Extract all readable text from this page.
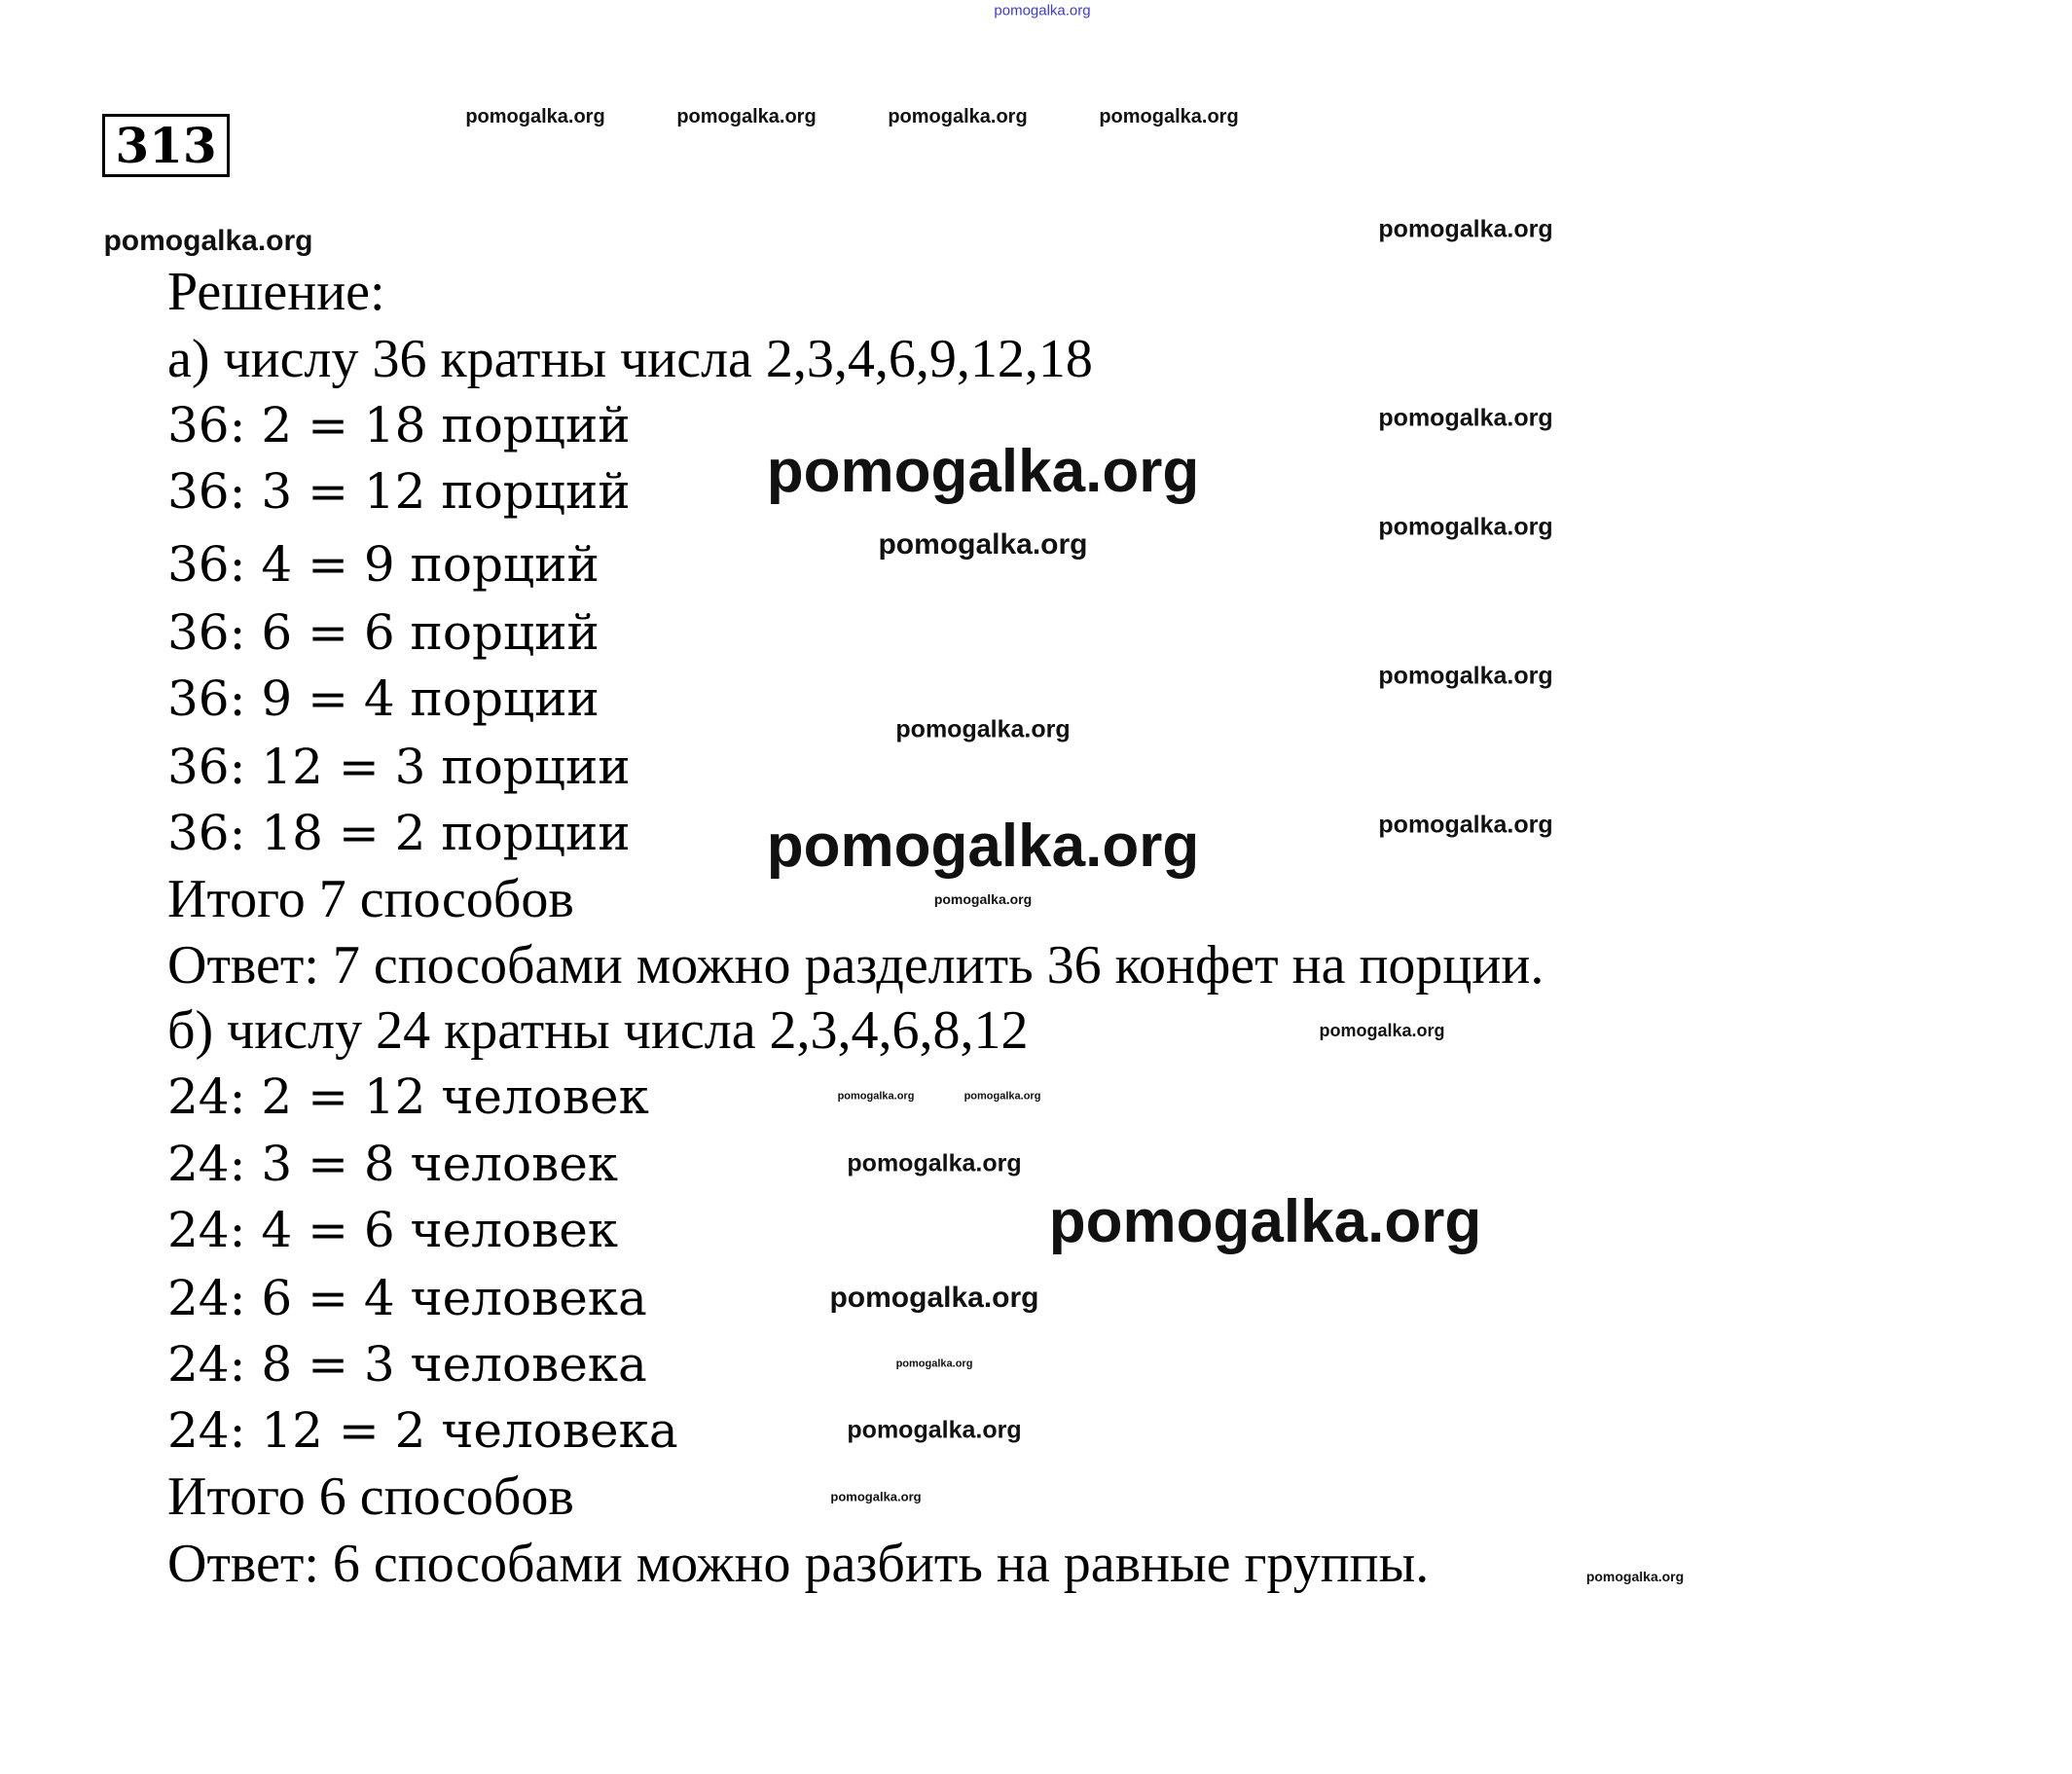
pomogalka.org
313	pomogalka.org	pomogalka.org	pomogalka.org	pomogalka.org
Решение:
а) числу 36 кратны числа 2,3,4,6,9,12,18
36: 2 = 18 порций
36: 3 = 12 порций
36: 4 = 9 порций
36: 6 = 6 порций
36: 9 = 4 порции
36: 12 = 3 порции
36: 18 = 2 порции
Итого 7 способов
Ответ: 7 способами можно разделить 36 конфет на порции.
б) числу 24 кратны числа 2,3,4,6,8,12
24: 2 = 12 человек
24: 3 = 8 человек
24: 4 = 6 человек
24: 6 = 4 человека
24: 8 = 3 человека
24: 12 = 2 человека
Итого 6 способов
Ответ: 6 способами можно разбить на равные группы.
pomogalka.org	pomogalka.org
pomogalka.org
pomogalka.org
pomogalka.org
pomogalka.org
pomogalka.org
pomogalka.org
pomogalka.org
pomogalka.org
pomogalka.org
pomogalka.org
pomogalka.org
pomogalka.org	pomogalka.org
pomogalka.org
pomogalka.org
pomogalka.org
pomogalka.org
pomogalka.org
pomogalka.org
